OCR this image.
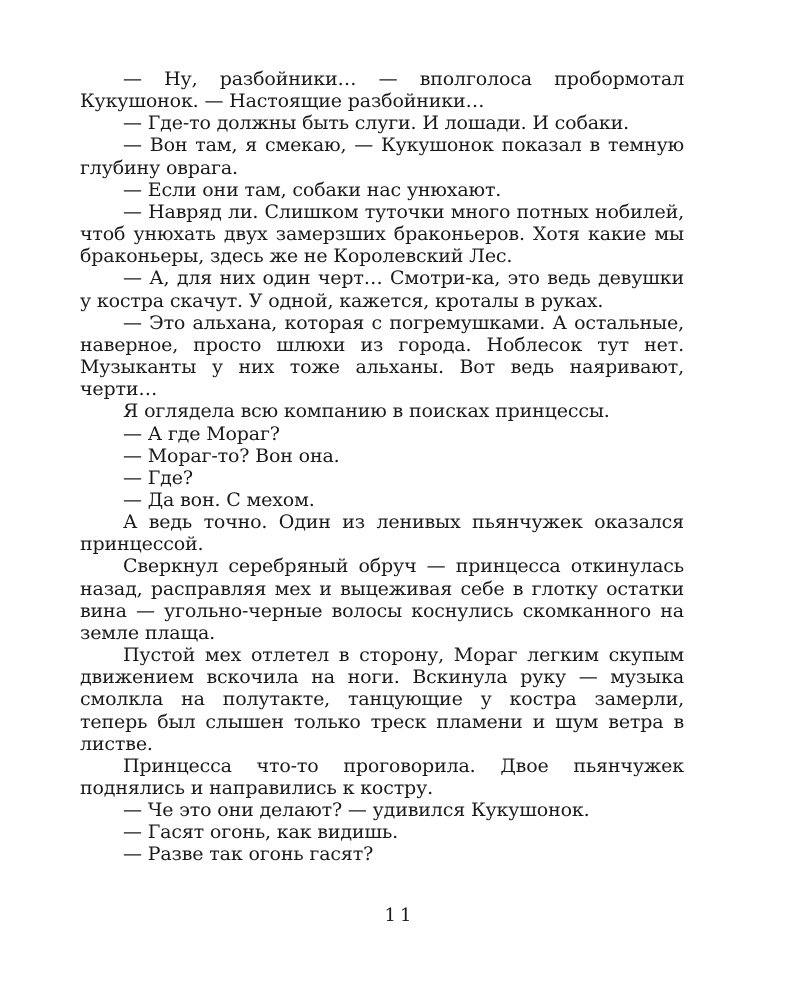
— Ну, разбойники… — вполголоса пробормотал Кукушонок. — Настоящие разбойники…

— Где-то должны быть слуги. И лошади. И собаки.

— Вон там, я смекаю, — Кукушонок показал в темную глубину оврага.

— Если они там, собаки нас унюхают.

— Навряд ли. Слишком туточки много потных нобилей, чтоб унюхать двух замерзших браконьеров. Хотя какие мы браконьеры, здесь же не Королевский Лес.

— А, для них один черт… Смотри-ка, это ведь девушки у костра скачут. У одной, кажется, кроталы в руках.

— Это альхана, которая с погремушками. А остальные, наверное, просто шлюхи из города. Ноблесок тут нет. Музыканты у них тоже альханы. Вот ведь наяривают, черти…

Я оглядела всю компанию в поисках принцессы.

— А где Мораг?

— Мораг-то? Вон она.

— Где?

— Да вон. С мехом.

А ведь точно. Один из ленивых пьянчужек оказался принцессой.

Сверкнул серебряный обруч — принцесса откинулась назад, расправляя мех и выцеживая себе в глотку остатки вина — угольно-черные волосы коснулись скомканного на земле плаща.

Пустой мех отлетел в сторону, Мораг легким скупым движением вскочила на ноги. Вскинула руку — музыка смолкла на полутакте, танцующие у костра замерли, теперь был слышен только треск пламени и шум ветра в листве.

Принцесса что-то проговорила. Двое пьянчужек поднялись и направились к костру.

— Че это они делают? — удивился Кукушонок.

— Гасят огонь, как видишь.

— Разве так огонь гасят?

11
